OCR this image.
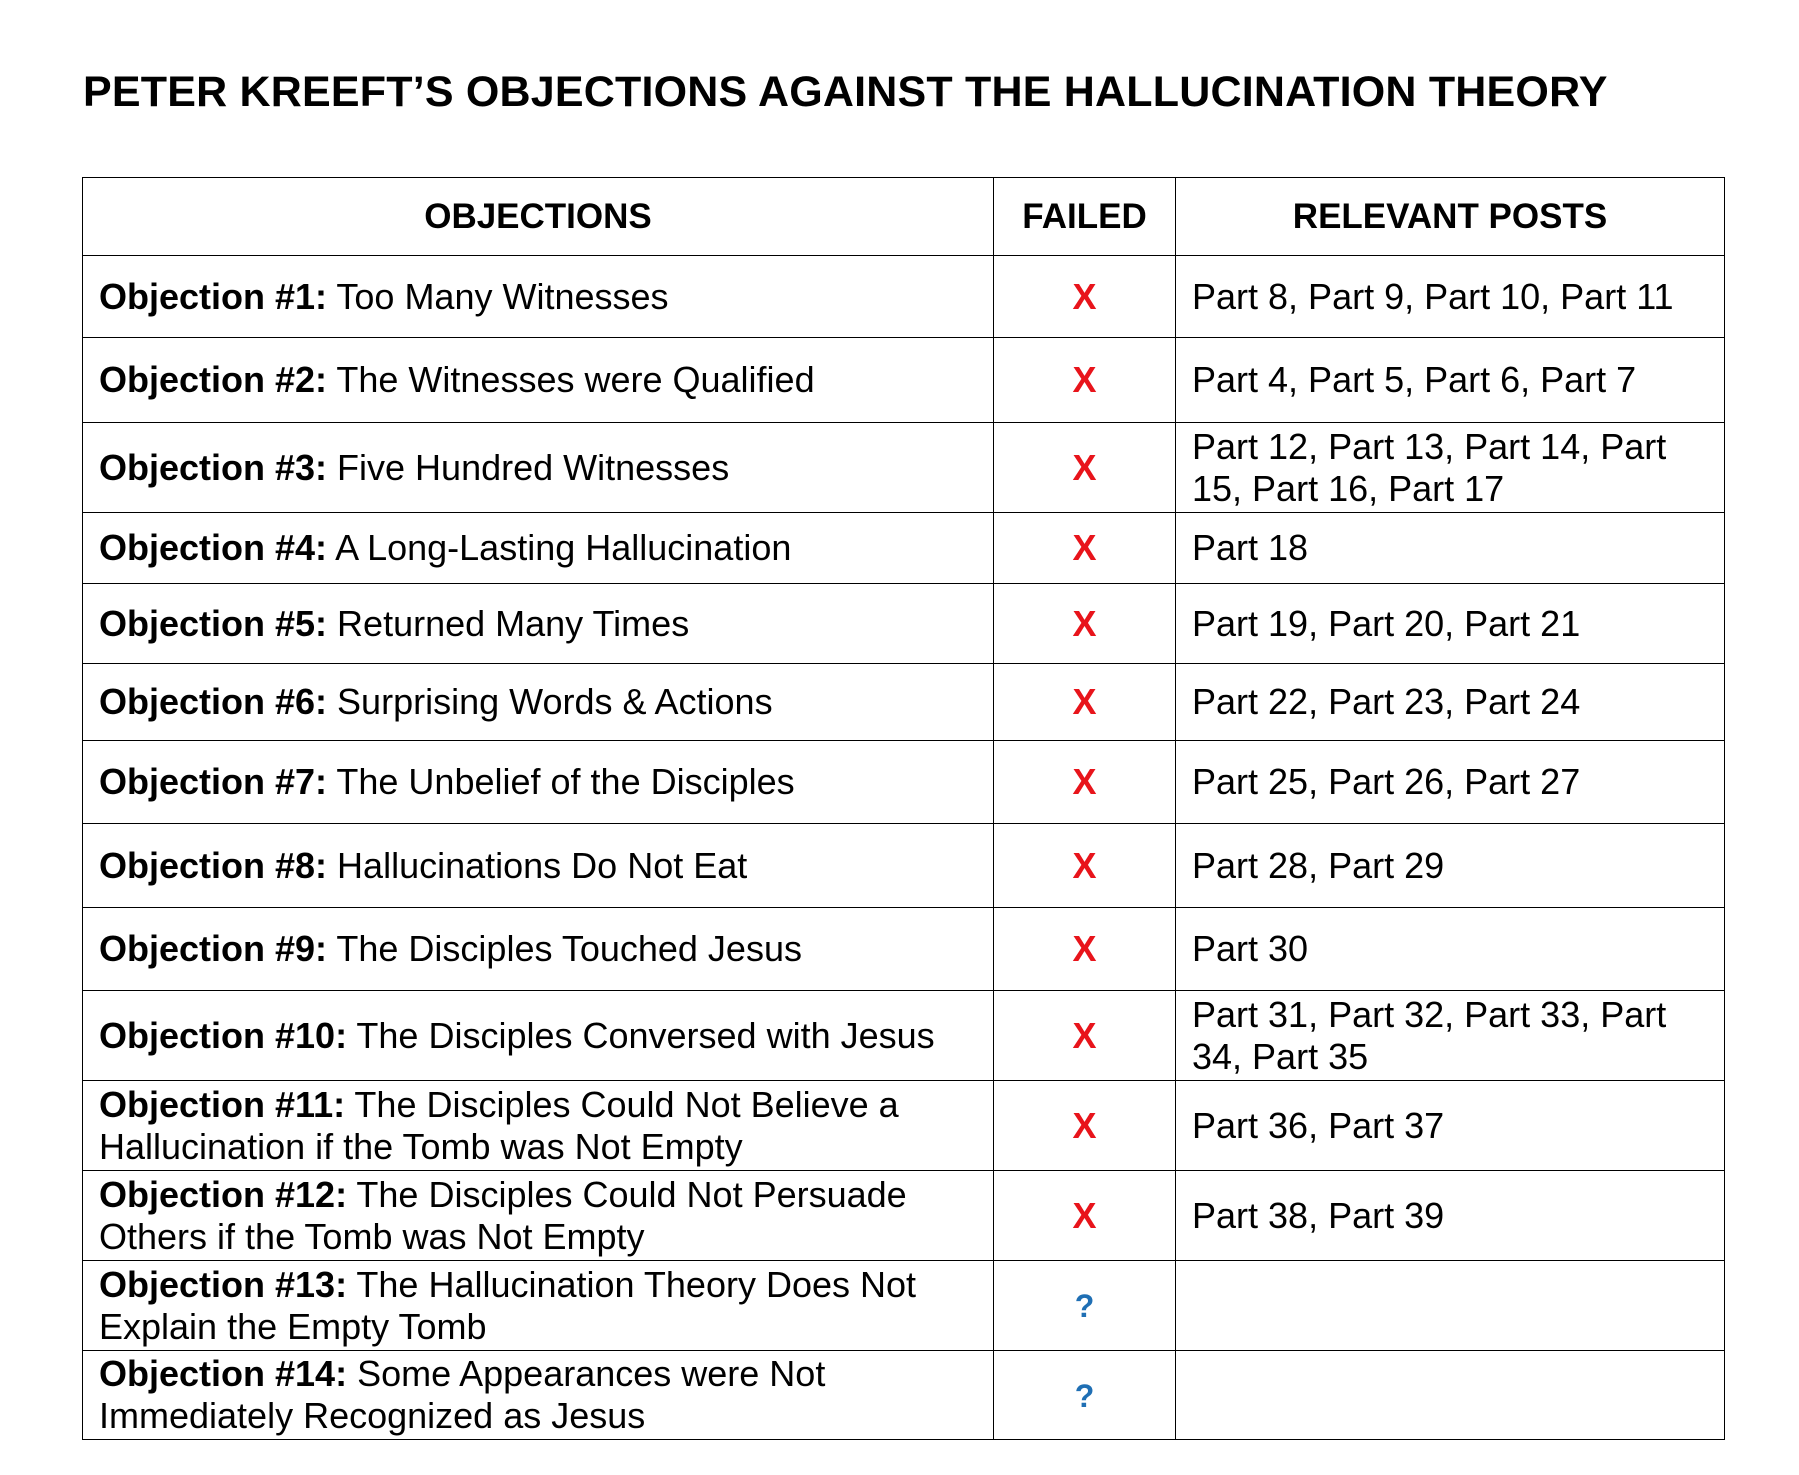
PETER KREEFT’S OBJECTIONS AGAINST THE HALLUCINATION THEORY
OBJECTIONS	FAILED	RELEVANT POSTS
Objection #1: Too Many Witnesses	X	Part 8, Part 9, Part 10, Part 11
Objection #2: The Witnesses were Qualified	X	Part 4, Part 5, Part 6, Part 7
Objection #3: Five Hundred Witnesses	X	Part 12, Part 13, Part 14, Part 15, Part 16, Part 17
Objection #4: A Long-Lasting Hallucination	X	Part 18
Objection #5: Returned Many Times	X	Part 19, Part 20, Part 21
Objection #6: Surprising Words & Actions	X	Part 22, Part 23, Part 24
Objection #7: The Unbelief of the Disciples	X	Part 25, Part 26, Part 27
Objection #8: Hallucinations Do Not Eat	X	Part 28, Part 29
Objection #9: The Disciples Touched Jesus	X	Part 30
Objection #10: The Disciples Conversed with Jesus	X	Part 31, Part 32, Part 33, Part 34, Part 35
Objection #11: The Disciples Could Not Believe a Hallucination if the Tomb was Not Empty	X	Part 36, Part 37
Objection #12: The Disciples Could Not Persuade Others if the Tomb was Not Empty	X	Part 38, Part 39
Objection #13: The Hallucination Theory Does Not Explain the Empty Tomb	?	
Objection #14: Some Appearances were Not Immediately Recognized as Jesus	?	
